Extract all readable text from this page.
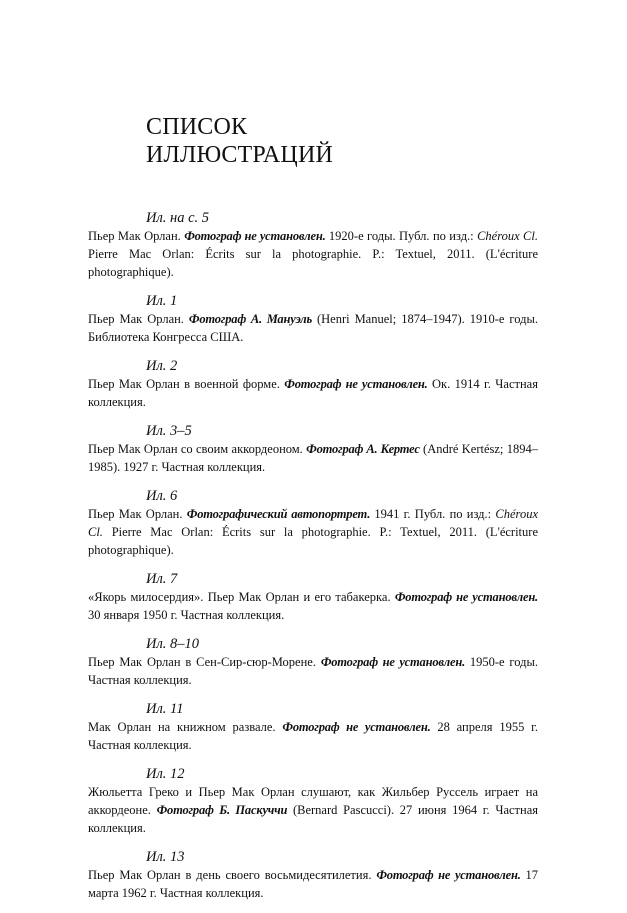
СПИСОК
ИЛЛЮСТРАЦИЙ
Ил. на с. 5
Пьер Мак Орлан. Фотограф не установлен. 1920-е годы. Публ. по изд.: Chéroux Cl. Pierre Mac Orlan: Écrits sur la photographie. P.: Textuel, 2011. (L'écriture photographique).
Ил. 1
Пьер Мак Орлан. Фотограф А. Мануэль (Henri Manuel; 1874–1947). 1910-е годы. Библиотека Конгресса США.
Ил. 2
Пьер Мак Орлан в военной форме. Фотограф не установлен. Ок. 1914 г. Частная коллекция.
Ил. 3–5
Пьер Мак Орлан со своим аккордеоном. Фотограф А. Кертес (André Kertész; 1894–1985). 1927 г. Частная коллекция.
Ил. 6
Пьер Мак Орлан. Фотографический автопортрет. 1941 г. Публ. по изд.: Chéroux Cl. Pierre Mac Orlan: Écrits sur la photographie. P.: Textuel, 2011. (L'écriture photographique).
Ил. 7
«Якорь милосердия». Пьер Мак Орлан и его табакерка. Фотограф не установлен. 30 января 1950 г. Частная коллекция.
Ил. 8–10
Пьер Мак Орлан в Сен-Сир-сюр-Морене. Фотограф не установлен. 1950-е годы. Частная коллекция.
Ил. 11
Мак Орлан на книжном развале. Фотограф не установлен. 28 апреля 1955 г. Частная коллекция.
Ил. 12
Жюльетта Греко и Пьер Мак Орлан слушают, как Жильбер Руссель играет на аккордеоне. Фотограф Б. Паскуччи (Bernard Pascucci). 27 июня 1964 г. Частная коллекция.
Ил. 13
Пьер Мак Орлан в день своего восьмидесятилетия. Фотограф не установлен. 17 марта 1962 г. Частная коллекция.
